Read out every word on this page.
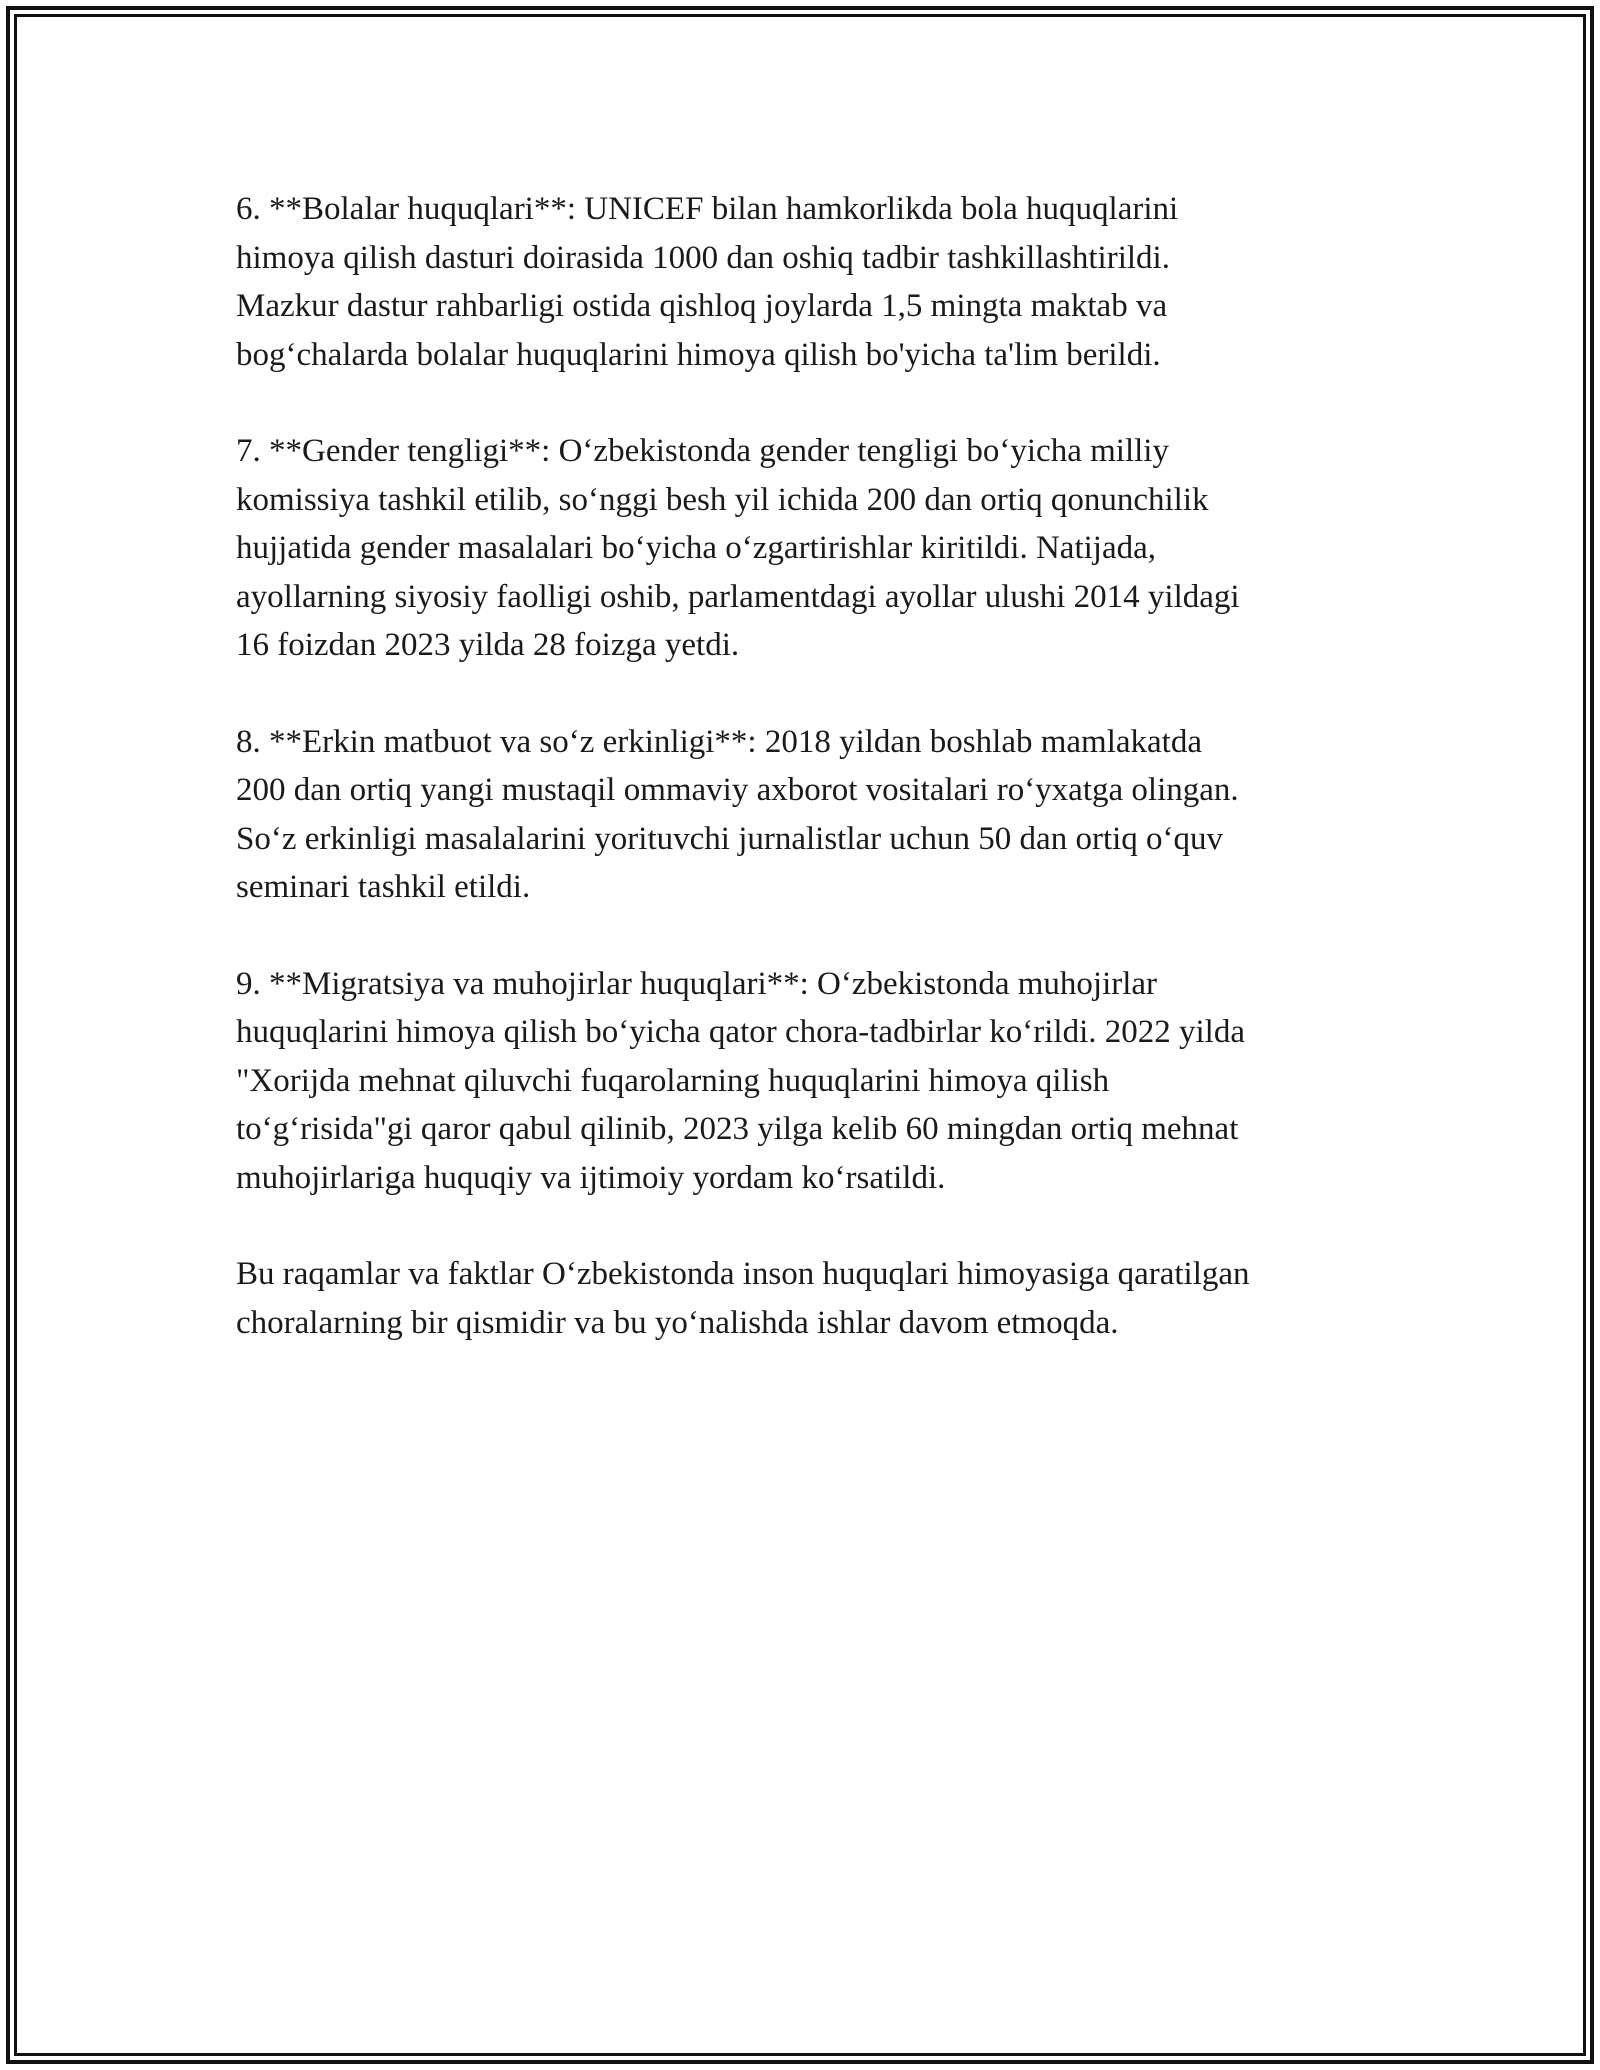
6. **Bolalar huquqlari**: UNICEF bilan hamkorlikda bola huquqlarini
himoya qilish dasturi doirasida 1000 dan oshiq tadbir tashkillashtirildi.
Mazkur dastur rahbarligi ostida qishloq joylarda 1,5 mingta maktab va
bog‘chalarda bolalar huquqlarini himoya qilish bo'yicha ta'lim berildi.

7. **Gender tengligi**: O‘zbekistonda gender tengligi bo‘yicha milliy
komissiya tashkil etilib, so‘nggi besh yil ichida 200 dan ortiq qonunchilik
hujjatida gender masalalari bo‘yicha o‘zgartirishlar kiritildi. Natijada,
ayollarning siyosiy faolligi oshib, parlamentdagi ayollar ulushi 2014 yildagi
16 foizdan 2023 yilda 28 foizga yetdi.

8. **Erkin matbuot va so‘z erkinligi**: 2018 yildan boshlab mamlakatda
200 dan ortiq yangi mustaqil ommaviy axborot vositalari ro‘yxatga olingan.
So‘z erkinligi masalalarini yorituvchi jurnalistlar uchun 50 dan ortiq o‘quv
seminari tashkil etildi.

9. **Migratsiya va muhojirlar huquqlari**: O‘zbekistonda muhojirlar
huquqlarini himoya qilish bo‘yicha qator chora-tadbirlar ko‘rildi. 2022 yilda
"Xorijda mehnat qiluvchi fuqarolarning huquqlarini himoya qilish
to‘g‘risida"gi qaror qabul qilinib, 2023 yilga kelib 60 mingdan ortiq mehnat
muhojirlariga huquqiy va ijtimoiy yordam ko‘rsatildi.

Bu raqamlar va faktlar O‘zbekistonda inson huquqlari himoyasiga qaratilgan
choralarning bir qismidir va bu yo‘nalishda ishlar davom etmoqda.
